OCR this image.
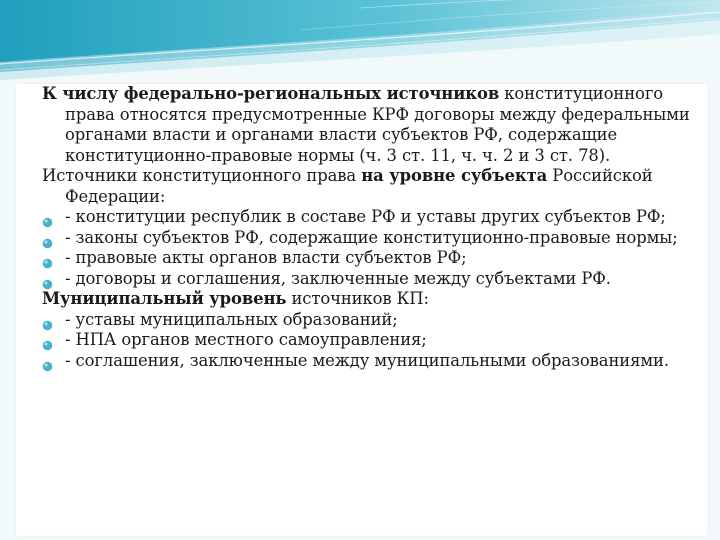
К числу федерально-региональных источников конституционного права относятся предусмотренные КРФ договоры между федеральными органами власти и органами власти субъектов РФ, содержащие конституционно-правовые нормы (ч. 3 ст. 11, ч. ч. 2 и 3 ст. 78).
Источники конституционного права на уровне субъекта Российской Федерации:
- конституции республик в составе РФ и уставы других субъектов РФ;
- законы субъектов РФ, содержащие конституционно-правовые нормы;
- правовые акты органов власти субъектов РФ;
- договоры и соглашения, заключенные между субъектами РФ.
Муниципальный уровень источников КП:
- уставы муниципальных образований;
- НПА органов местного самоуправления;
- соглашения, заключенные между муниципальными образованиями.
